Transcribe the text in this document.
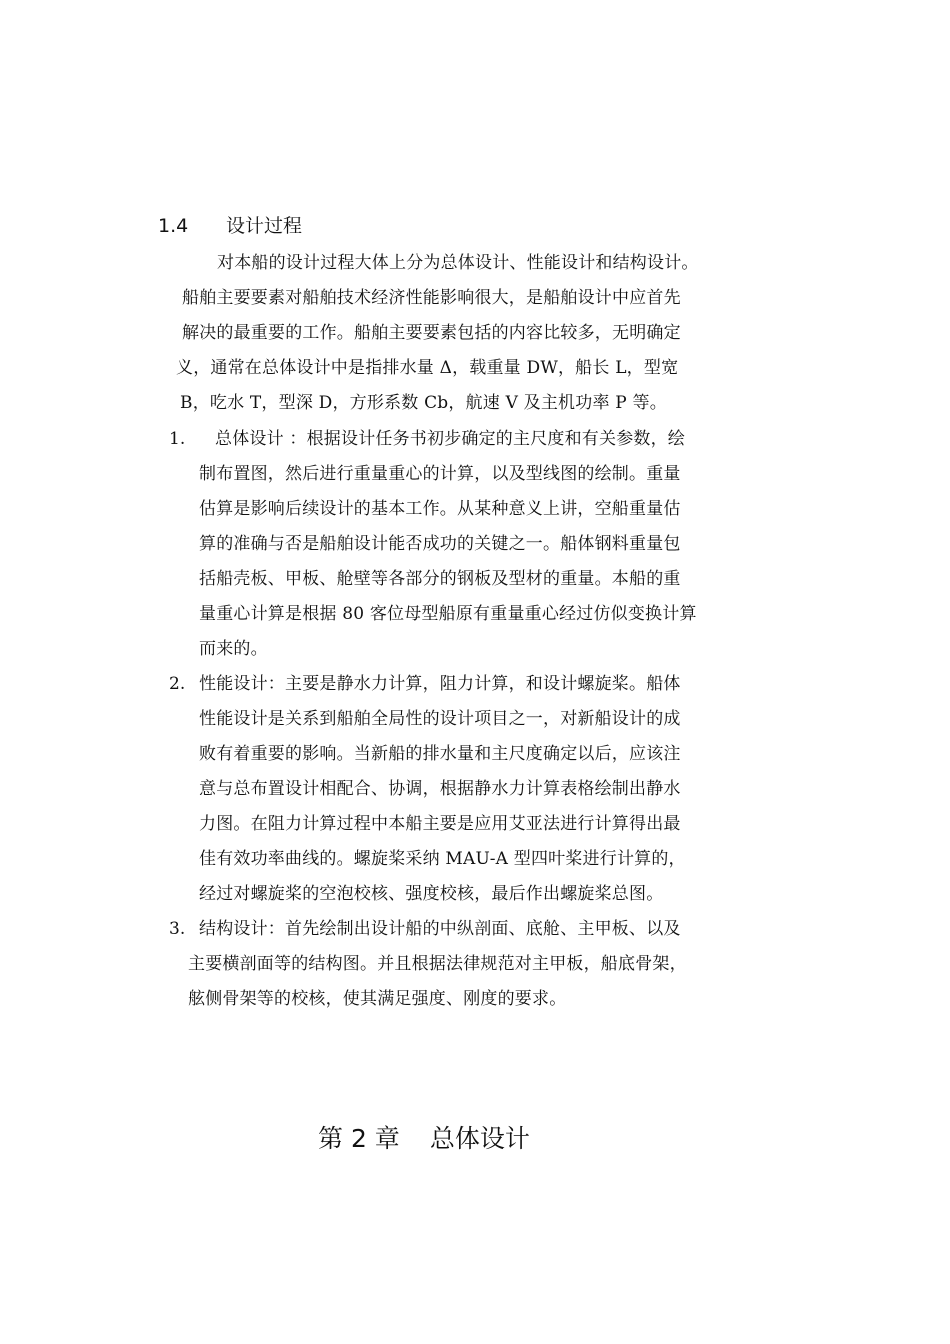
1.4 设计过程
对本船的设计过程大体上分为总体设计、性能设计和结构设计。
船舶主要要素对船舶技术经济性能影响很大，是船舶设计中应首先
解决的最重要的工作。船舶主要要素包括的内容比较多，无明确定
义，通常在总体设计中是指排水量 Δ，载重量 DW，船长 L，型宽
B，吃水 T，型深 D，方形系数 Cb，航速 V 及主机功率 P 等。
1. 总体设计 ：根据设计任务书初步确定的主尺度和有关参数，绘
制布置图，然后进行重量重心的计算，以及型线图的绘制。重量
估算是影响后续设计的基本工作。从某种意义上讲，空船重量估
算的准确与否是船舶设计能否成功的关键之一。船体钢料重量包
括船壳板、甲板、舱壁等各部分的钢板及型材的重量。本船的重
量重心计算是根据 80 客位母型船原有重量重心经过仿似变换计算
而来的。
2. 性能设计：主要是静水力计算，阻力计算，和设计螺旋桨。船体
性能设计是关系到船舶全局性的设计项目之一，对新船设计的成
败有着重要的影响。当新船的排水量和主尺度确定以后，应该注
意与总布置设计相配合、协调，根据静水力计算表格绘制出静水
力图。在阻力计算过程中本船主要是应用艾亚法进行计算得出最
佳有效功率曲线的。螺旋桨采纳 MAU-A 型四叶桨进行计算的，
经过对螺旋桨的空泡校核、强度校核，最后作出螺旋桨总图。
3. 结构设计：首先绘制出设计船的中纵剖面、底舱、主甲板、以及
主要横剖面等的结构图。并且根据法律规范对主甲板，船底骨架，
舷侧骨架等的校核，使其满足强度、刚度的要求。
第 2 章 总体设计
